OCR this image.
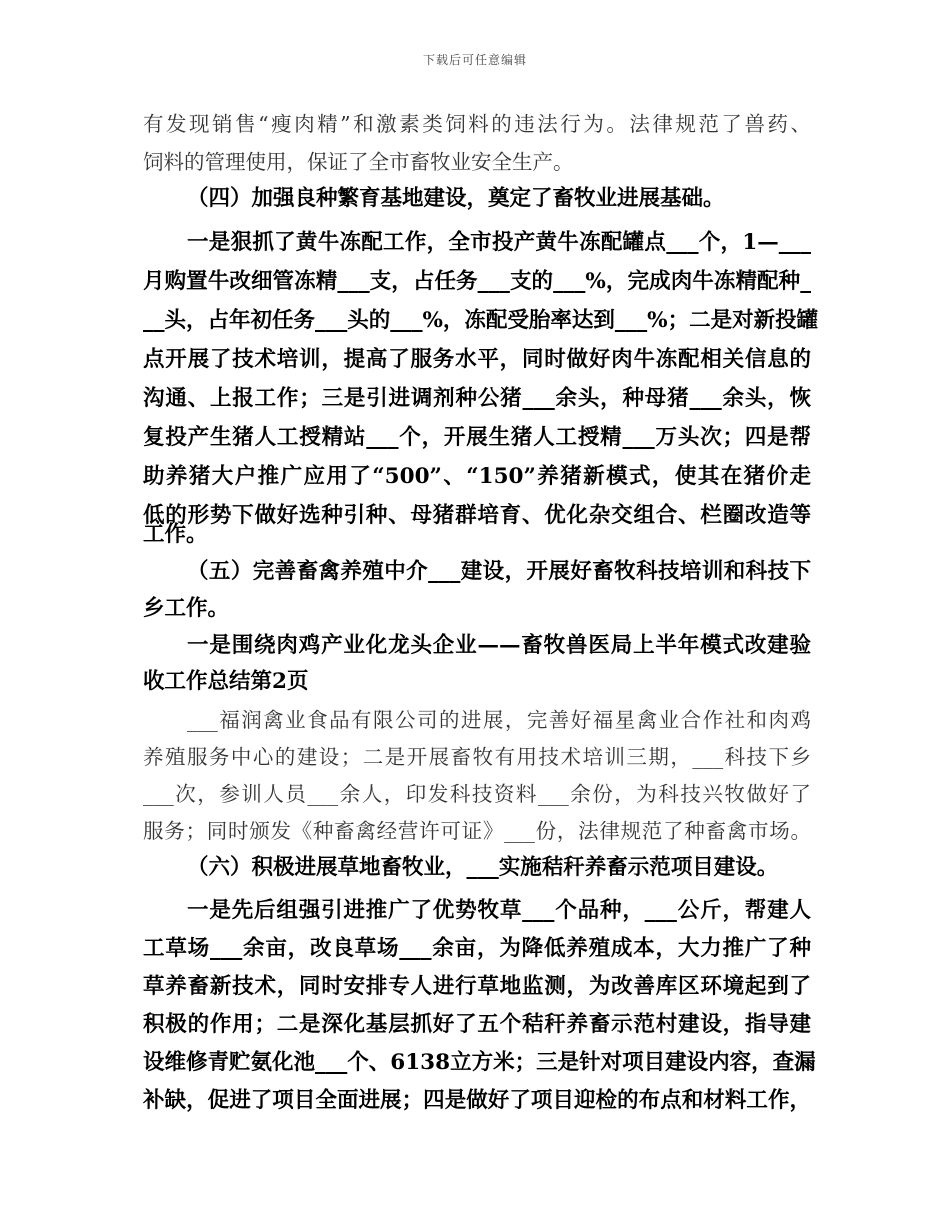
下载后可任意编辑
有发现销售“瘦肉精”和激素类饲料的违法行为。法律规范了兽药、
饲料的管理使用，保证了全市畜牧业安全生产。
（四）加强良种繁育基地建设，奠定了畜牧业进展基础。
一是狠抓了黄牛冻配工作，全市投产黄牛冻配罐点___个，1—___
月购置牛改细管冻精___支，占任务___支的___%，完成肉牛冻精配种_
__头，占年初任务___头的___%，冻配受胎率达到___%；二是对新投罐
点开展了技术培训，提高了服务水平，同时做好肉牛冻配相关信息的
沟通、上报工作；三是引进调剂种公猪___余头，种母猪___余头，恢
复投产生猪人工授精站___个，开展生猪人工授精___万头次；四是帮
助养猪大户推广应用了“500”、“150”养猪新模式，使其在猪价走
低的形势下做好选种引种、母猪群培育、优化杂交组合、栏圈改造等
工作。
（五）完善畜禽养殖中介___建设，开展好畜牧科技培训和科技下
乡工作。
一是围绕肉鸡产业化龙头企业——畜牧兽医局上半年模式改建验
收工作总结第2页
___福润禽业食品有限公司的进展，完善好福星禽业合作社和肉鸡
养殖服务中心的建设；二是开展畜牧有用技术培训三期，___科技下乡
___次，参训人员___余人，印发科技资料___余份，为科技兴牧做好了
服务；同时颁发《种畜禽经营许可证》___份，法律规范了种畜禽市场。
（六）积极进展草地畜牧业，___实施秸秆养畜示范项目建设。
一是先后组强引进推广了优势牧草___个品种，___公斤，帮建人
工草场___余亩，改良草场___余亩，为降低养殖成本，大力推广了种
草养畜新技术，同时安排专人进行草地监测，为改善库区环境起到了
积极的作用；二是深化基层抓好了五个秸秆养畜示范村建设，指导建
设维修青贮氨化池___个、6138立方米；三是针对项目建设内容，查漏
补缺，促进了项目全面进展；四是做好了项目迎检的布点和材料工作，
